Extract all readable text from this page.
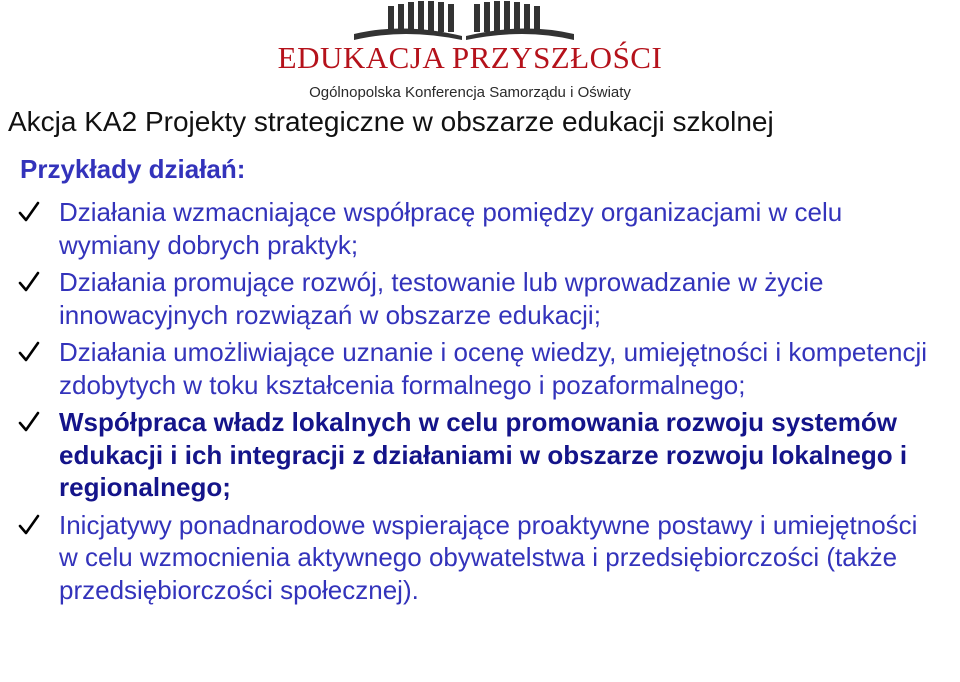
EDUKACJA PRZYSZŁOŚCI
Ogólnopolska Konferencja Samorządu i Oświaty
Akcja KA2 Projekty strategiczne w obszarze edukacji szkolnej
Przykłady działań:
Działania wzmacniające współpracę pomiędzy organizacjami w celu wymiany dobrych praktyk;
Działania promujące rozwój, testowanie lub wprowadzanie w życie innowacyjnych rozwiązań w obszarze edukacji;
Działania umożliwiające uznanie i ocenę wiedzy, umiejętności i kompetencji zdobytych w toku kształcenia formalnego i pozaformalnego;
Współpraca władz lokalnych w celu promowania rozwoju systemów edukacji i ich integracji z działaniami w obszarze rozwoju lokalnego i regionalnego;
Inicjatywy ponadnarodowe wspierające proaktywne postawy i umiejętności w celu wzmocnienia aktywnego obywatelstwa i przedsiębiorczości (także przedsiębiorczości społecznej).
